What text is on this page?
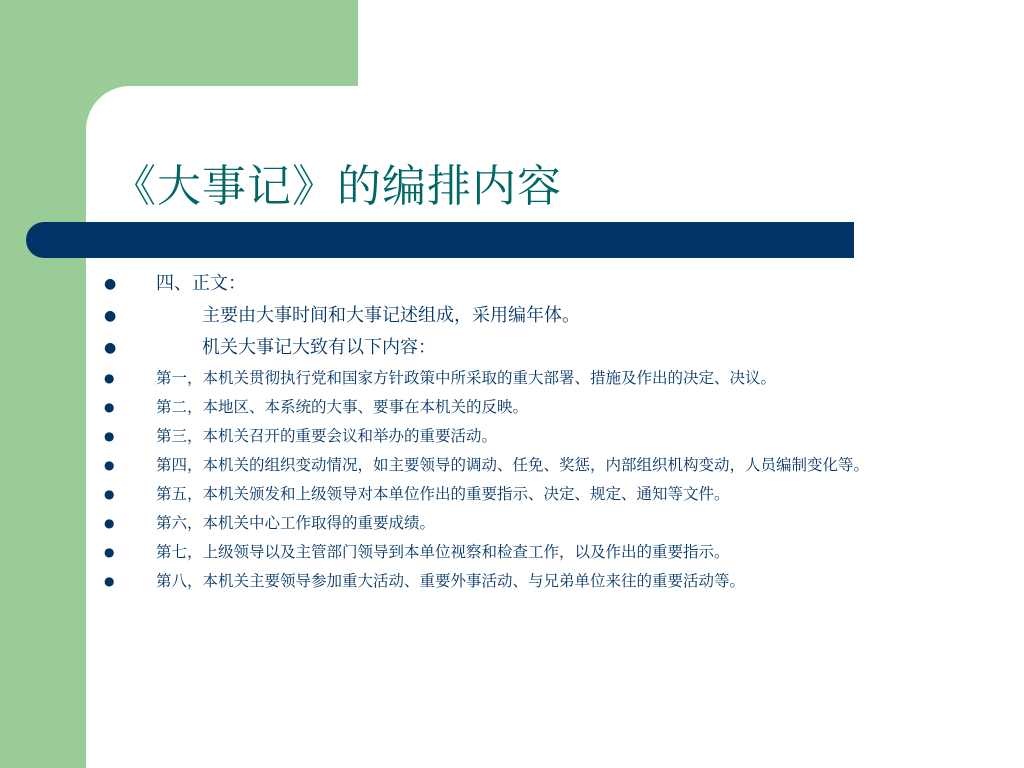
《大事记》的编排内容
● 四、正文：
●	主要由大事时间和大事记述组成，采用编年体。
●	机关大事记大致有以下内容：
●	第一，本机关贯彻执行党和国家方针政策中所采取的重大部署、措施及作出的决定、决议。
●	第二，本地区、本系统的大事、要事在本机关的反映。
●	第三，本机关召开的重要会议和举办的重要活动。
●	第四，本机关的组织变动情况，如主要领导的调动、任免、奖惩，内部组织机构变动，人员编制变化等。
●	第五，本机关颁发和上级领导对本单位作出的重要指示、决定、规定、通知等文件。
●	第六，本机关中心工作取得的重要成绩。
●	第七，上级领导以及主管部门领导到本单位视察和检查工作，以及作出的重要指示。
●	第八，本机关主要领导参加重大活动、重要外事活动、与兄弟单位来往的重要活动等。
